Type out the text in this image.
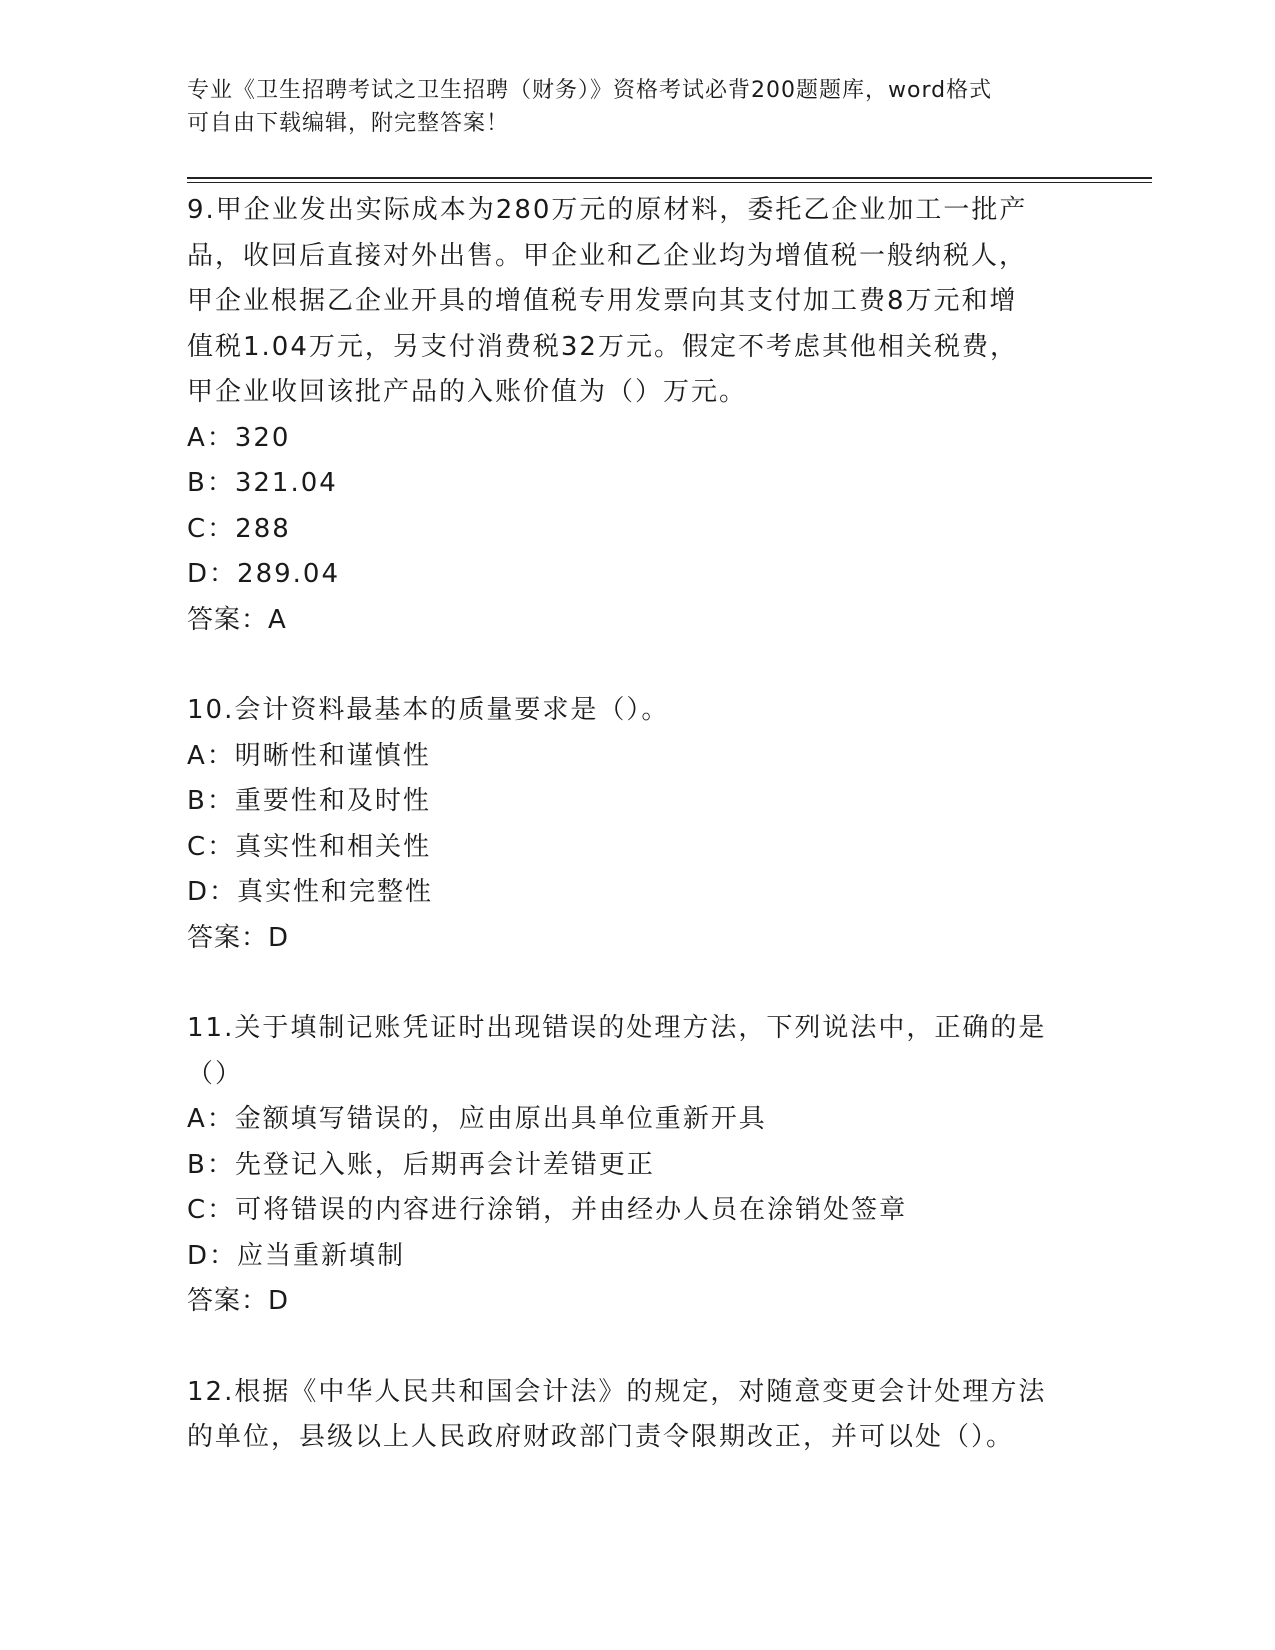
专业《卫生招聘考试之卫生招聘（财务）》资格考试必背200题题库，word格式
可自由下载编辑，附完整答案！
9.甲企业发出实际成本为280万元的原材料，委托乙企业加工一批产
品，收回后直接对外出售。甲企业和乙企业均为增值税一般纳税人，
甲企业根据乙企业开具的增值税专用发票向其支付加工费8万元和增
值税1.04万元，另支付消费税32万元。假定不考虑其他相关税费，
甲企业收回该批产品的入账价值为（）万元。
A：320
B：321.04
C：288
D：289.04
答案：A
10.会计资料最基本的质量要求是（）。
A：明晰性和谨慎性
B：重要性和及时性
C：真实性和相关性
D：真实性和完整性
答案：D
11.关于填制记账凭证时出现错误的处理方法，下列说法中，正确的是
（）
A：金额填写错误的，应由原出具单位重新开具
B：先登记入账，后期再会计差错更正
C：可将错误的内容进行涂销，并由经办人员在涂销处签章
D：应当重新填制
答案：D
12.根据《中华人民共和国会计法》的规定，对随意变更会计处理方法
的单位，县级以上人民政府财政部门责令限期改正，并可以处（）。
